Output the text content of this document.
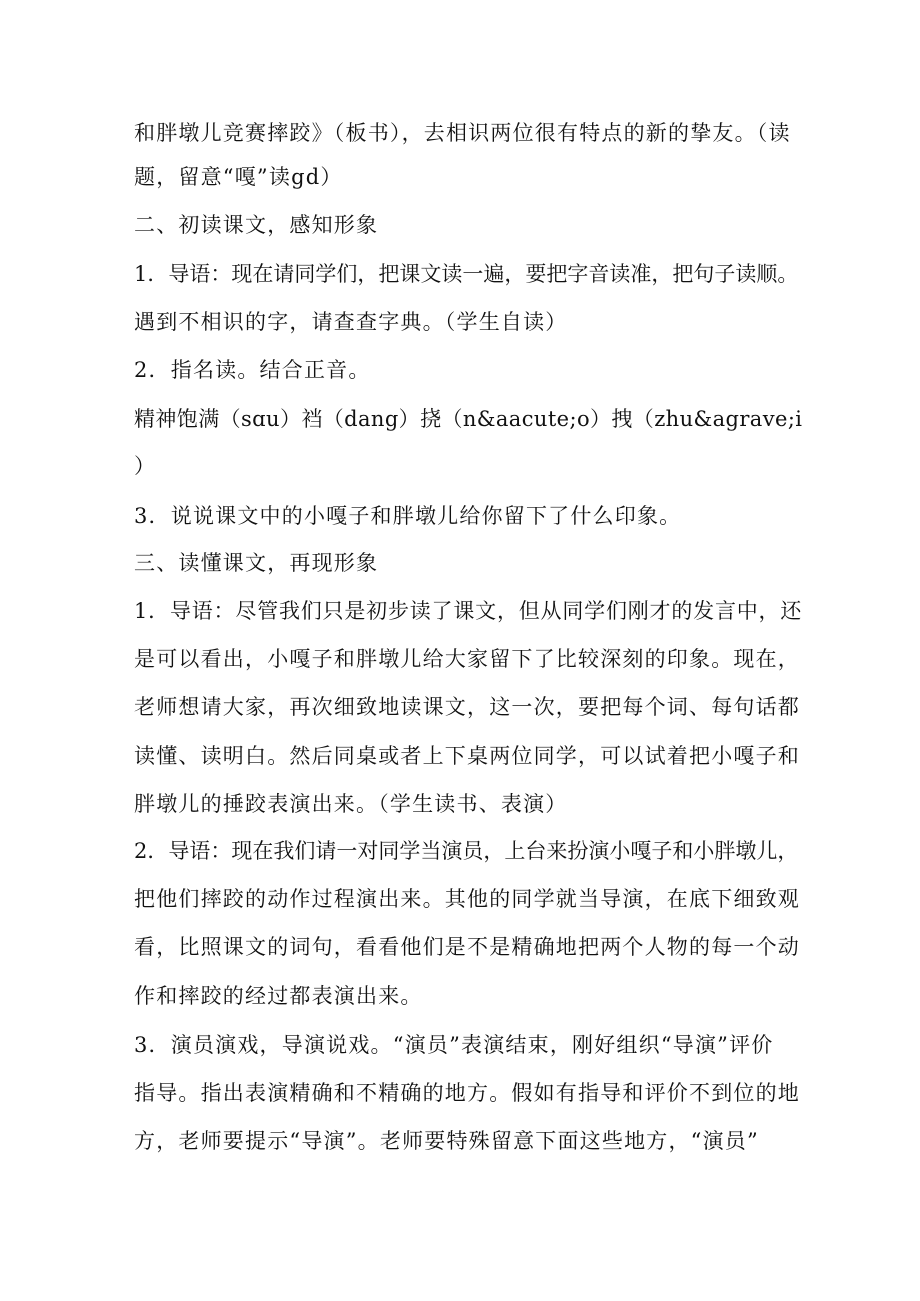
和胖墩儿竞赛摔跤》（板书），去相识两位很有特点的新的挚友。（读
题，留意“嘎”读gd）
二、初读课文，感知形象
1．导语：现在请同学们，把课文读一遍，要把字音读准，把句子读顺。
遇到不相识的字，请查查字典。（学生自读）
2．指名读。结合正音。
精神饱满（sɑu）裆（dang）挠（n&aacute;o）拽（zhu&agrave;i
）
3．说说课文中的小嘎子和胖墩儿给你留下了什么印象。
三、读懂课文，再现形象
1．导语：尽管我们只是初步读了课文，但从同学们刚才的发言中，还
是可以看出，小嘎子和胖墩儿给大家留下了比较深刻的印象。现在，
老师想请大家，再次细致地读课文，这一次，要把每个词、每句话都
读懂、读明白。然后同桌或者上下桌两位同学，可以试着把小嘎子和
胖墩儿的捶跤表演出来。（学生读书、表演）
2．导语：现在我们请一对同学当演员，上台来扮演小嘎子和小胖墩儿，
把他们摔跤的动作过程演出来。其他的同学就当导演，在底下细致观
看，比照课文的词句，看看他们是不是精确地把两个人物的每一个动
作和摔跤的经过都表演出来。
3．演员演戏，导演说戏。“演员”表演结束，刚好组织“导演”评价
指导。指出表演精确和不精确的地方。假如有指导和评价不到位的地
方，老师要提示“导演”。老师要特殊留意下面这些地方，“演员”
